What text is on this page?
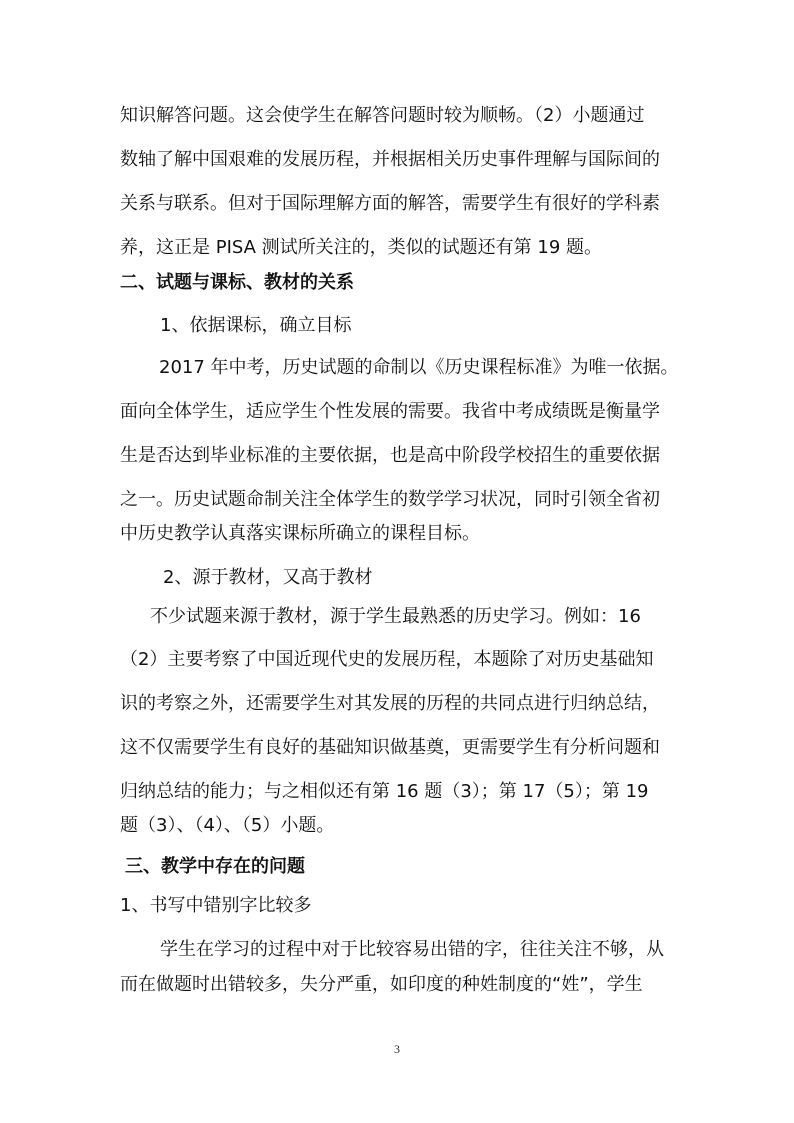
知识解答问题。这会使学生在解答问题时较为顺畅。（2）小题通过

数轴了解中国艰难的发展历程，并根据相关历史事件理解与国际间的

关系与联系。但对于国际理解方面的解答，需要学生有很好的学科素

养，这正是 PISA 测试所关注的，类似的试题还有第 19 题。

二、试题与课标、教材的关系

1、依据课标，确立目标

2017 年中考，历史试题的命制以《历史课程标准》为唯一依据。

面向全体学生，适应学生个性发展的需要。我省中考成绩既是衡量学

生是否达到毕业标准的主要依据，也是高中阶段学校招生的重要依据

之一。历史试题命制关注全体学生的数学学习状况，同时引领全省初

中历史教学认真落实课标所确立的课程目标。

2、源于教材，又高于教材

不少试题来源于教材，源于学生最熟悉的历史学习。例如：16

（2）主要考察了中国近现代史的发展历程，本题除了对历史基础知

识的考察之外，还需要学生对其发展的历程的共同点进行归纳总结，

这不仅需要学生有良好的基础知识做基奠，更需要学生有分析问题和

归纳总结的能力；与之相似还有第 16 题（3）；第 17（5）；第 19

题（3）、（4）、（5）小题。

三、教学中存在的问题

1、书写中错别字比较多

学生在学习的过程中对于比较容易出错的字，往往关注不够，从

而在做题时出错较多，失分严重，如印度的种姓制度的“姓”，学生

3
